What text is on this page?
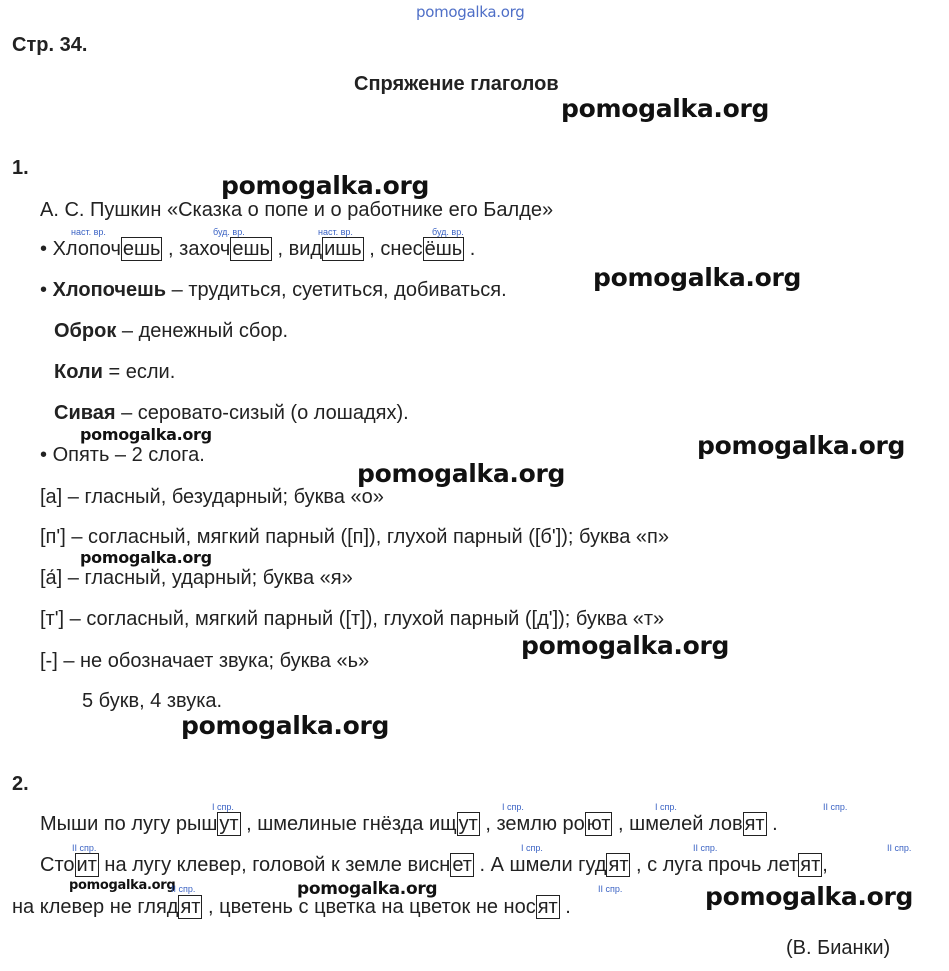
pomogalka.org
pomogalka.org
pomogalka.org
pomogalka.org
pomogalka.org	pomogalka.org
pomogalka.org
pomogalka.org
pomogalka.org
pomogalka.org
pomogalka.org	pomogalka.org	pomogalka.org
Стр. 34.
Спряжение глаголов
1.
А. С. Пушкин «Сказка о попе и о работнике его Балде»
наст. вр.	буд. вр.	наст. вр.	буд. вр.
• Хлопоч ешь , захоч ешь , вид ишь , снес ёшь .
• Хлопочешь – трудиться, суетиться, добиваться.
Оброк – денежный сбор.
Коли = если.
Сивая – серовато-сизый (о лошадях).
• Опять – 2 слога.
[а] – гласный, безударный; буква «о»
[п'] – согласный, мягкий парный ([п]), глухой парный ([б']); буква «п»
[а́] – гласный, ударный; буква «я»
[т'] – согласный, мягкий парный ([т]), глухой парный ([д']); буква «т»
[-] – не обозначает звука; буква «ь»
5 букв, 4 звука.
2.
I спр.	I спр.	I спр.	II спр.
Мыши по лугу рыш ут , шмелиные гнёзда ищ ут , землю ро ют , шмелей лов ят .
II спр.	I спр.	II спр.	II спр.
Сто ит на лугу клевер, головой к земле висн ет . А шмели гуд ят , с луга прочь лет ят ,
II спр.	II спр.
на клевер не гляд ят , цветень с цветка на цветок не нос ят .
(В. Бианки)
